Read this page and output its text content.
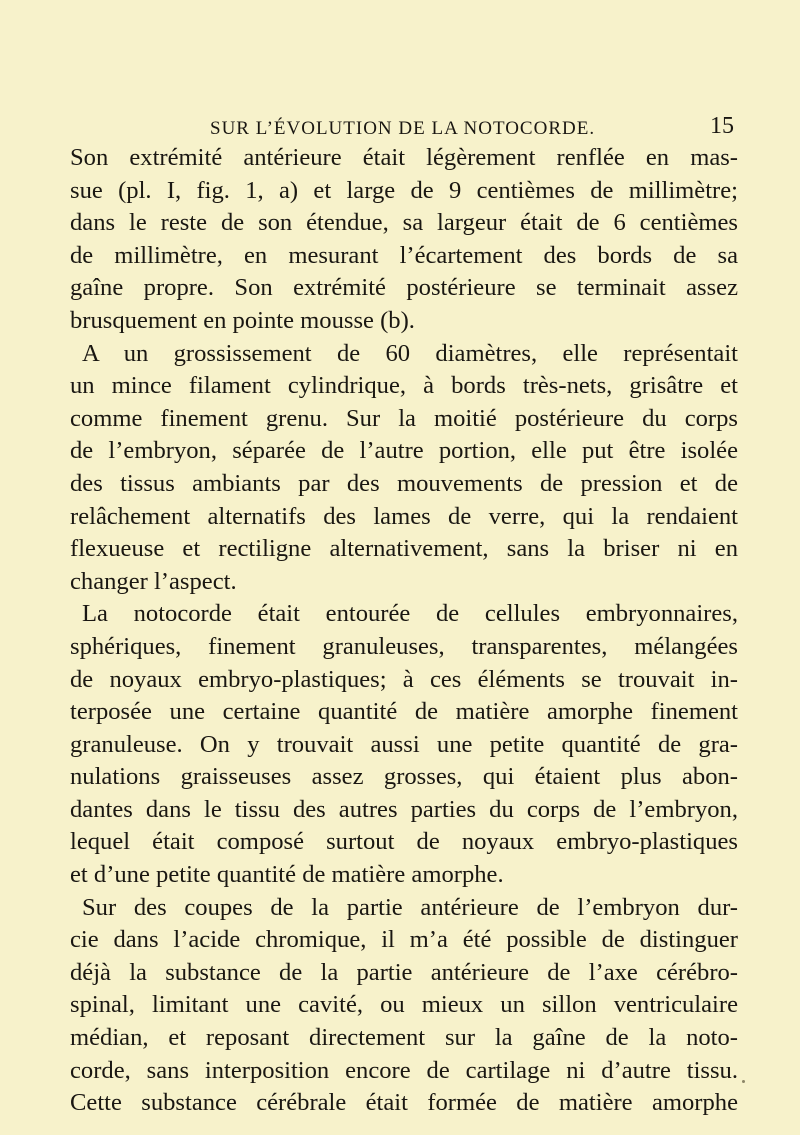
SUR L’ÉVOLUTION DE LA NOTOCORDE.	15
Son extrémité antérieure était légèrement renflée en mas-
sue (pl. I, fig. 1, a) et large de 9 centièmes de millimètre;
dans le reste de son étendue, sa largeur était de 6 centièmes
de millimètre, en mesurant l’écartement des bords de sa
gaîne propre. Son extrémité postérieure se terminait assez
brusquement en pointe mousse (b).
A un grossissement de 60 diamètres, elle représentait
un mince filament cylindrique, à bords très-nets, grisâtre et
comme finement grenu. Sur la moitié postérieure du corps
de l’embryon, séparée de l’autre portion, elle put être isolée
des tissus ambiants par des mouvements de pression et de
relâchement alternatifs des lames de verre, qui la rendaient
flexueuse et rectiligne alternativement, sans la briser ni en
changer l’aspect.
La notocorde était entourée de cellules embryonnaires,
sphériques, finement granuleuses, transparentes, mélangées
de noyaux embryo-plastiques; à ces éléments se trouvait in-
terposée une certaine quantité de matière amorphe finement
granuleuse. On y trouvait aussi une petite quantité de gra-
nulations graisseuses assez grosses, qui étaient plus abon-
dantes dans le tissu des autres parties du corps de l’embryon,
lequel était composé surtout de noyaux embryo-plastiques
et d’une petite quantité de matière amorphe.
Sur des coupes de la partie antérieure de l’embryon dur-
cie dans l’acide chromique, il m’a été possible de distinguer
déjà la substance de la partie antérieure de l’axe cérébro-
spinal, limitant une cavité, ou mieux un sillon ventriculaire
médian, et reposant directement sur la gaîne de la noto-
corde, sans interposition encore de cartilage ni d’autre tissu.
Cette substance cérébrale était formée de matière amorphe
